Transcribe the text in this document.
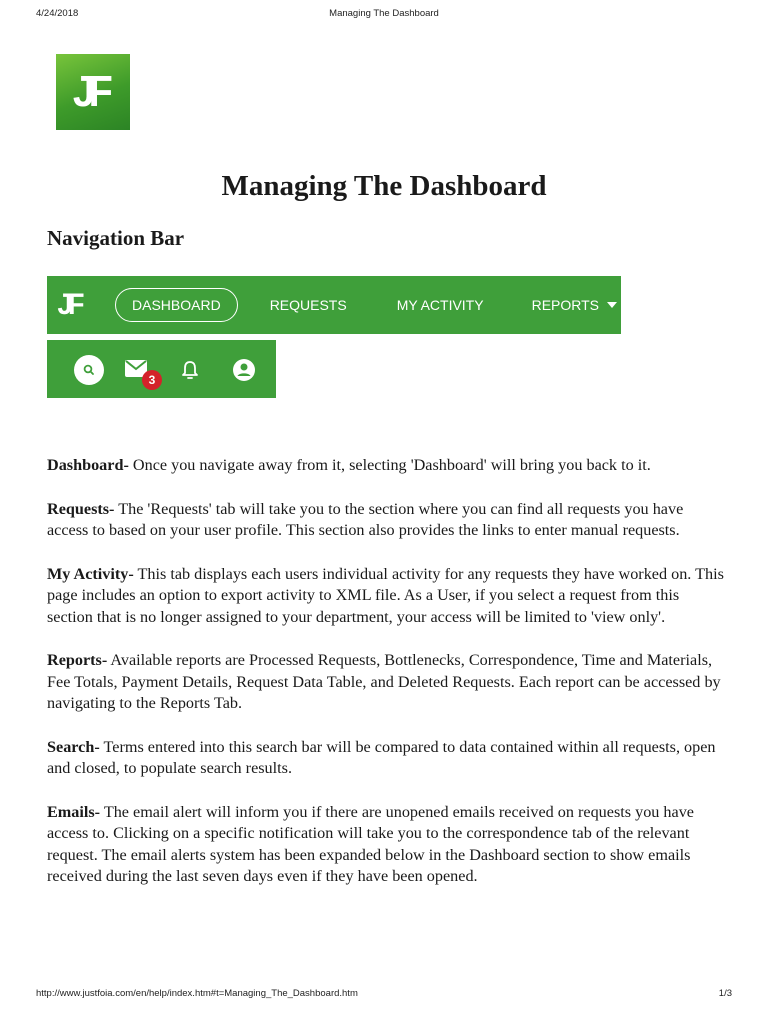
4/24/2018	Managing The Dashboard
JF
Managing The Dashboard
Navigation Bar
JF	DASHBOARD	REQUESTS	MY ACTIVITY	REPORTS
3

Dashboard- Once you navigate away from it, selecting 'Dashboard' will bring you back to it.

Requests- The 'Requests' tab will take you to the section where you can find all requests you have access to based on your user profile. This section also provides the links to enter manual requests.

My Activity- This tab displays each users individual activity for any requests they have worked on. This page includes an option to export activity to XML file. As a User, if you select a request from this section that is no longer assigned to your department, your access will be limited to 'view only'.

Reports- Available reports are Processed Requests, Bottlenecks, Correspondence, Time and Materials, Fee Totals, Payment Details, Request Data Table, and Deleted Requests. Each report can be accessed by navigating to the Reports Tab.

Search- Terms entered into this search bar will be compared to data contained within all requests, open and closed, to populate search results.

Emails- The email alert will inform you if there are unopened emails received on requests you have access to. Clicking on a specific notification will take you to the correspondence tab of the relevant request. The email alerts system has been expanded below in the Dashboard section to show emails received during the last seven days even if they have been opened.

http://www.justfoia.com/en/help/index.htm#t=Managing_The_Dashboard.htm	1/3
